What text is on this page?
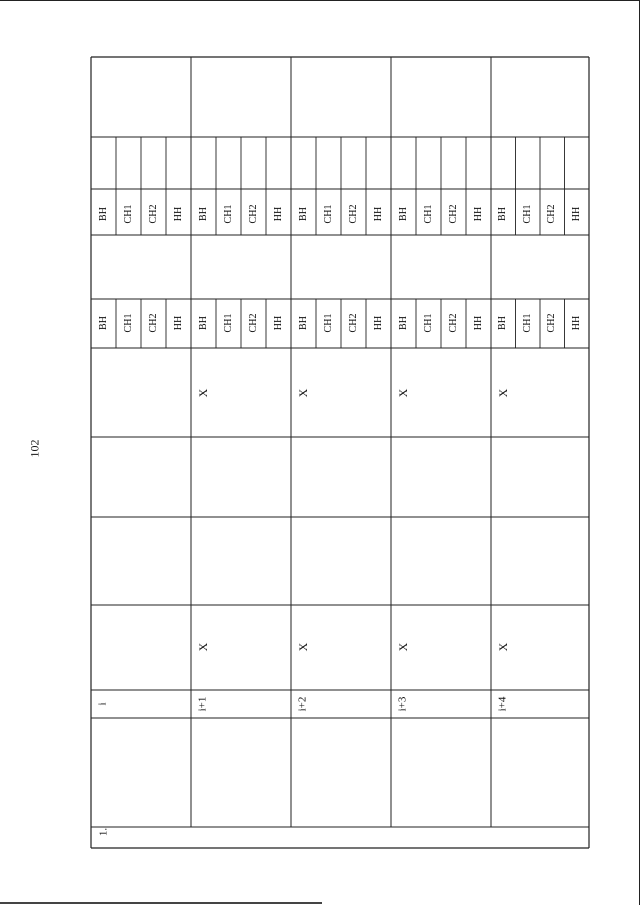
102
1.
i
BH
BH
CH1
CH1
CH2
CH2
HH
HH
i+1
BH
BH
CH1
CH1
CH2
CH2
HH
HH
X
X
i+2
BH
BH
CH1
CH1
CH2
CH2
HH
HH
X
X
i+3
BH
BH
CH1
CH1
CH2
CH2
HH
HH
X
X
i+4
BH
BH
CH1
CH1
CH2
CH2
HH
HH
X
X
